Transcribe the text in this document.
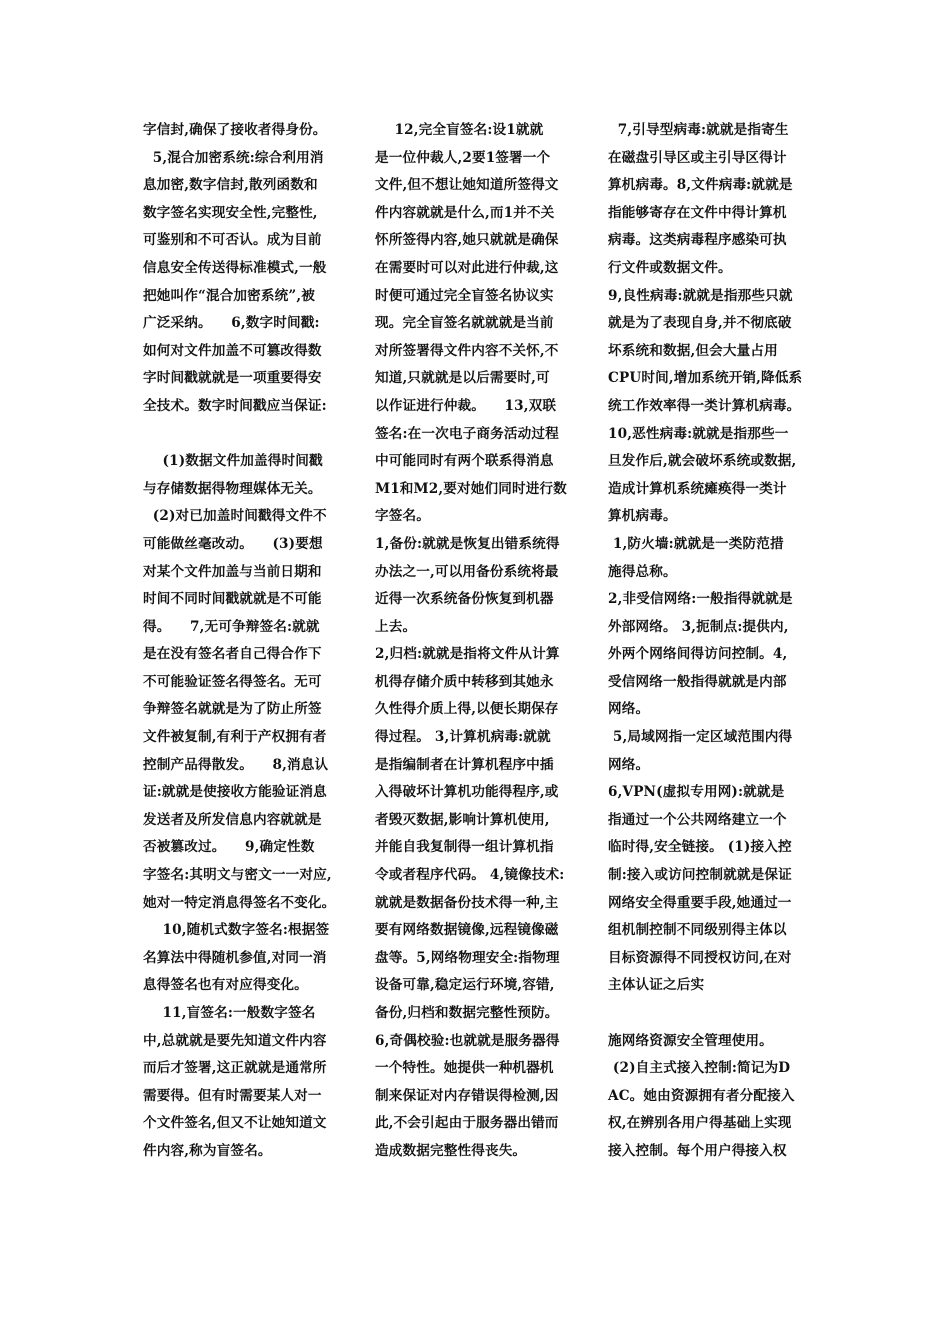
字信封,确保了接收者得身份。
5,混合加密系统:综合利用消
息加密,数字信封,散列函数和
数字签名实现安全性,完整性,
可鉴别和不可否认。成为目前
信息安全传送得标准模式,一般
把她叫作“混合加密系统”,被
广泛采纳。    6,数字时间戳:
如何对文件加盖不可篡改得数
字时间戳就就是一项重要得安
全技术。数字时间戳应当保证:
(1)数据文件加盖得时间戳
与存储数据得物理媒体无关。
(2)对已加盖时间戳得文件不
可能做丝毫改动。    (3)要想
对某个文件加盖与当前日期和
时间不同时间戳就就是不可能
得。    7,无可争辩签名:就就
是在没有签名者自己得合作下
不可能验证签名得签名。无可
争辩签名就就是为了防止所签
文件被复制,有利于产权拥有者
控制产品得散发。    8,消息认
证:就就是使接收方能验证消息
发送者及所发信息内容就就是
否被篡改过。    9,确定性数
字签名:其明文与密文一一对应,
她对一特定消息得签名不变化。
10,随机式数字签名:根据签
名算法中得随机参值,对同一消
息得签名也有对应得变化。
11,盲签名:一般数字签名
中,总就就是要先知道文件内容
而后才签署,这正就就是通常所
需要得。但有时需要某人对一
个文件签名,但又不让她知道文
件内容,称为盲签名。
12,完全盲签名:设1就就
是一位仲裁人,2要1签署一个
文件,但不想让她知道所签得文
件内容就就是什么,而1并不关
怀所签得内容,她只就就是确保
在需要时可以对此进行仲裁,这
时便可通过完全盲签名协议实
现。完全盲签名就就就是当前
对所签署得文件内容不关怀,不
知道,只就就是以后需要时,可
以作证进行仲裁。    13,双联
签名:在一次电子商务活动过程
中可能同时有两个联系得消息
M1和M2,要对她们同时进行数
字签名。
1,备份:就就是恢复出错系统得
办法之一,可以用备份系统将最
近得一次系统备份恢复到机器
上去。
2,归档:就就是指将文件从计算
机得存储介质中转移到其她永
久性得介质上得,以便长期保存
得过程。 3,计算机病毒:就就
是指编制者在计算机程序中插
入得破坏计算机功能得程序,或
者毁灭数据,影响计算机使用,
并能自我复制得一组计算机指
令或者程序代码。 4,镜像技术:
就就是数据备份技术得一种,主
要有网络数据镜像,远程镜像磁
盘等。5,网络物理安全:指物理
设备可靠,稳定运行环境,容错,
备份,归档和数据完整性预防。
6,奇偶校验:也就就是服务器得
一个特性。她提供一种机器机
制来保证对内存错误得检测,因
此,不会引起由于服务器出错而
造成数据完整性得丧失。
7,引导型病毒:就就是指寄生
在磁盘引导区或主引导区得计
算机病毒。8,文件病毒:就就是
指能够寄存在文件中得计算机
病毒。这类病毒程序感染可执
行文件或数据文件。
9,良性病毒:就就是指那些只就
就是为了表现自身,并不彻底破
坏系统和数据,但会大量占用
CPU时间,增加系统开销,降低系
统工作效率得一类计算机病毒。
10,恶性病毒:就就是指那些一
旦发作后,就会破坏系统或数据,
造成计算机系统瘫痪得一类计
算机病毒。
1,防火墙:就就是一类防范措
施得总称。
2,非受信网络:一般指得就就是
外部网络。 3,扼制点:提供内,
外两个网络间得访问控制。4,
受信网络一般指得就就是内部
网络。
5,局域网指一定区域范围内得
网络。
6,VPN(虚拟专用网):就就是
指通过一个公共网络建立一个
临时得,安全链接。 (1)接入控
制:接入或访问控制就就是保证
网络安全得重要手段,她通过一
组机制控制不同级别得主体以
目标资源得不同授权访问,在对
主体认证之后实
施网络资源安全管理使用。
(2)自主式接入控制:简记为D
AC。她由资源拥有者分配接入
权,在辨别各用户得基础上实现
接入控制。每个用户得接入权
